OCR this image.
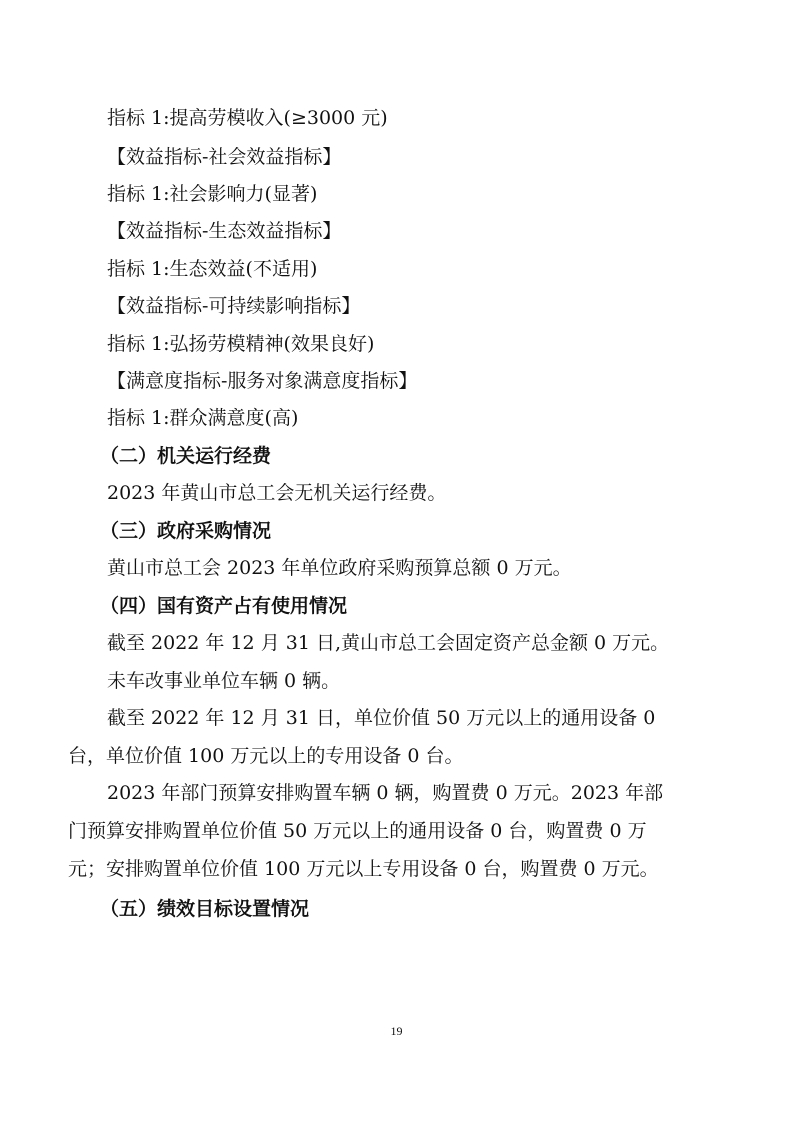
指标 1:提高劳模收入(≥3000 元)
【效益指标-社会效益指标】
指标 1:社会影响力(显著)
【效益指标-生态效益指标】
指标 1:生态效益(不适用)
【效益指标-可持续影响指标】
指标 1:弘扬劳模精神(效果良好)
【满意度指标-服务对象满意度指标】
指标 1:群众满意度(高)
（二）机关运行经费
2023 年黄山市总工会无机关运行经费。
（三）政府采购情况
黄山市总工会 2023 年单位政府采购预算总额 0 万元。
（四）国有资产占有使用情况
截至 2022 年 12 月 31 日,黄山市总工会固定资产总金额 0 万元。
未车改事业单位车辆 0 辆。
截至 2022 年 12 月 31 日，单位价值 50 万元以上的通用设备 0
台，单位价值 100 万元以上的专用设备 0 台。
2023 年部门预算安排购置车辆 0 辆，购置费 0 万元。2023 年部
门预算安排购置单位价值 50 万元以上的通用设备 0 台，购置费 0 万
元；安排购置单位价值 100 万元以上专用设备 0 台，购置费 0 万元。
（五）绩效目标设置情况
19
